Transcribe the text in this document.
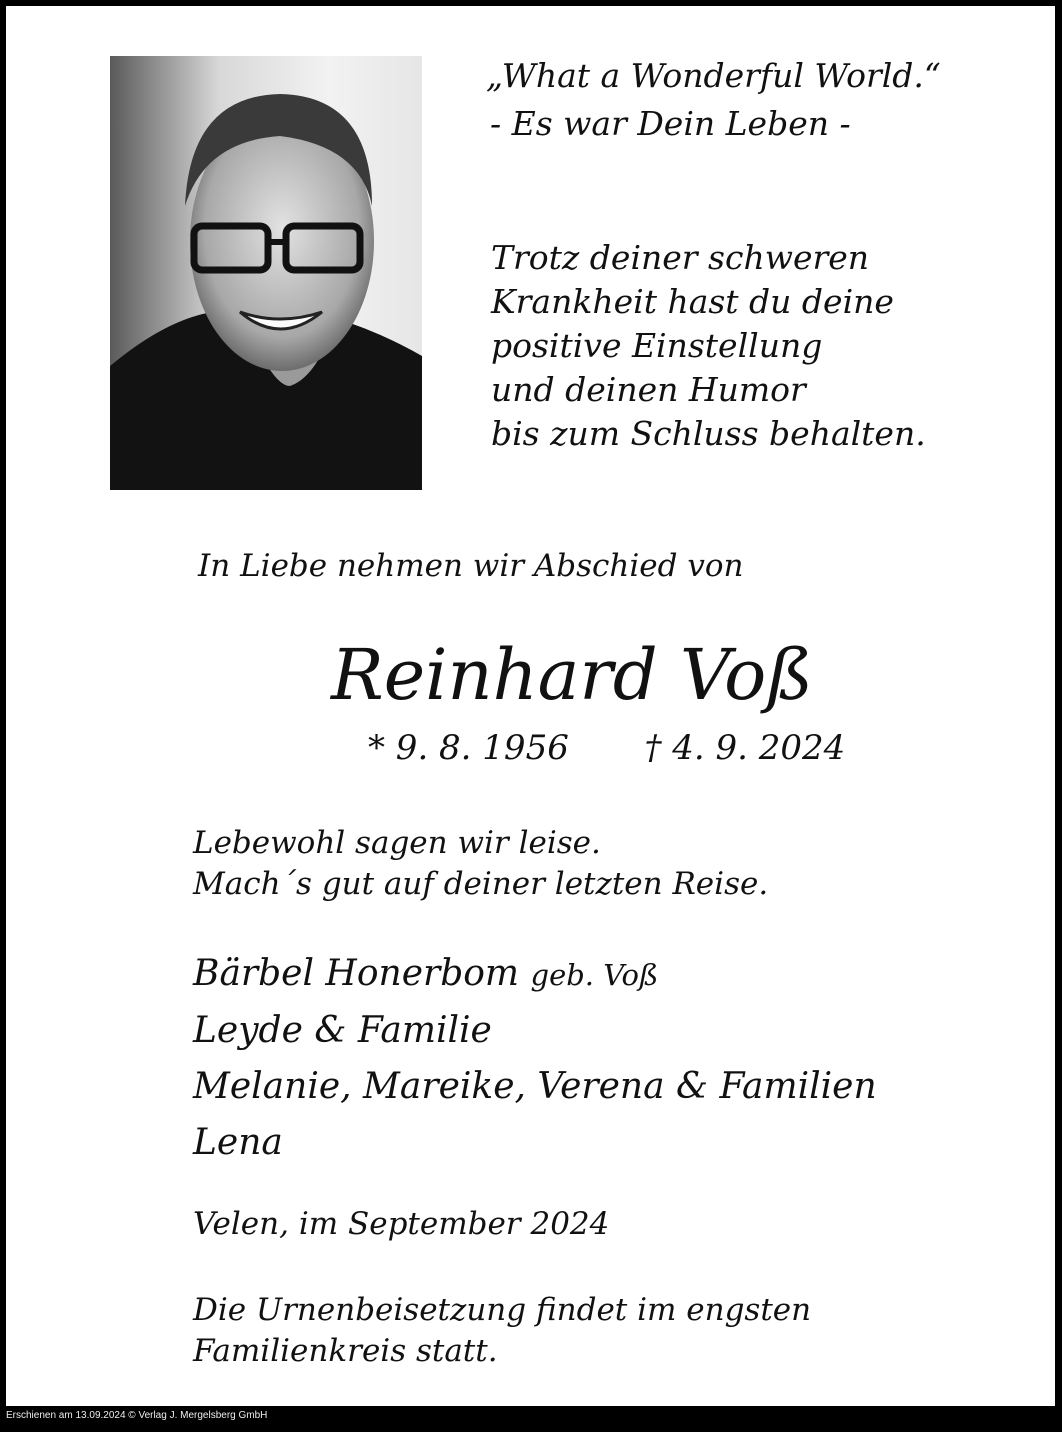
„What a Wonderful World.“
- Es war Dein Leben -
Trotz deiner schweren
Krankheit hast du deine
positive Einstellung
und deinen Humor
bis zum Schluss behalten.
In Liebe nehmen wir Abschied von
Reinhard Voß
* 9. 8. 1956 † 4. 9. 2024
Lebewohl sagen wir leise.
Mach´s gut auf deiner letzten Reise.
Bärbel Honerbom geb. Voß
Leyde & Familie
Melanie, Mareike, Verena & Familien
Lena
Velen, im September 2024
Die Urnenbeisetzung findet im engsten
Familienkreis statt.
Erschienen am 13.09.2024 © Verlag J. Mergelsberg GmbH
